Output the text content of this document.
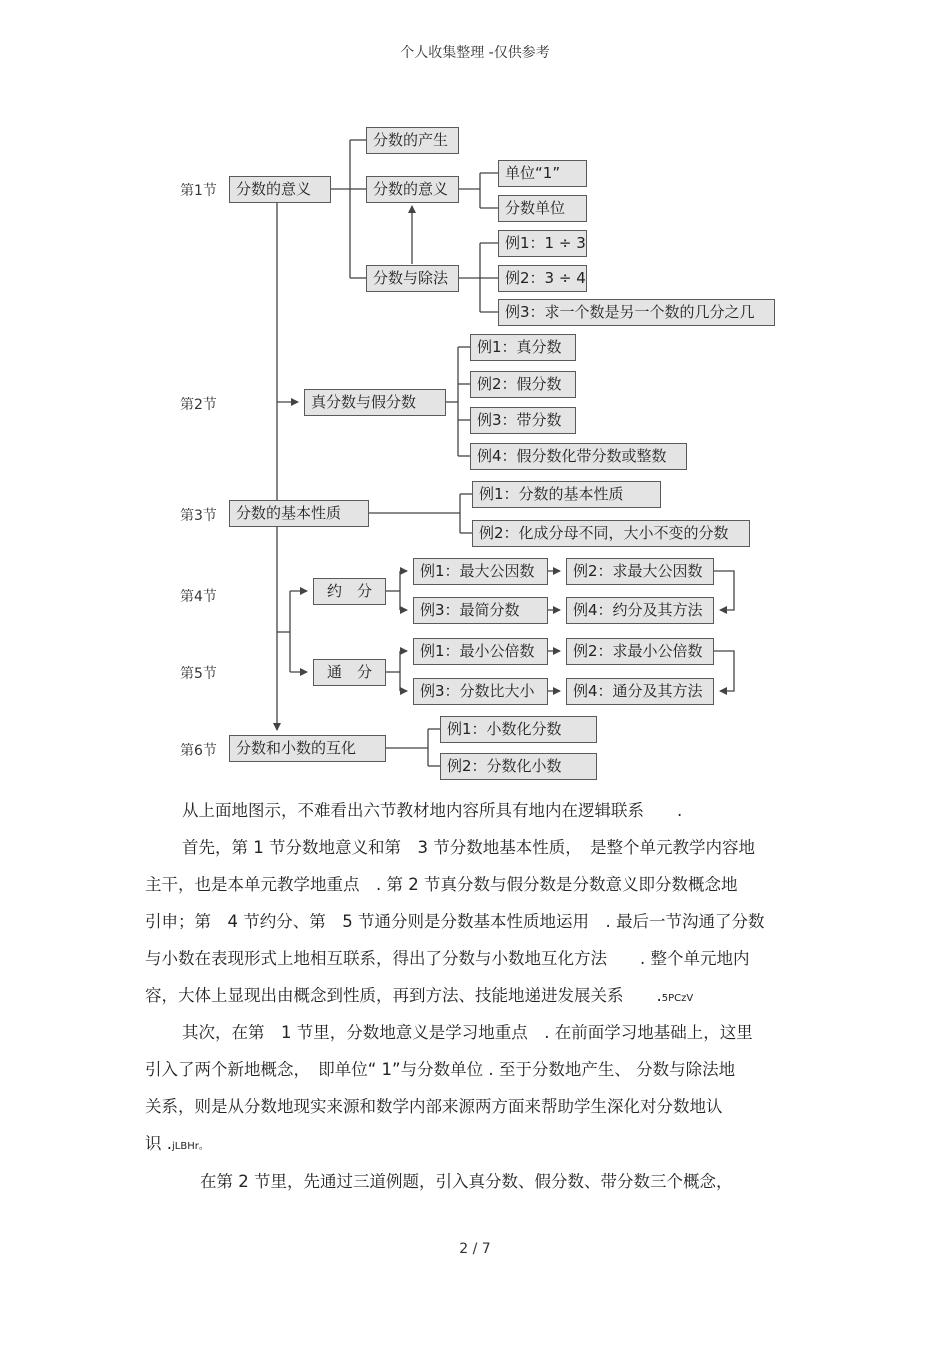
个人收集整理 -仅供参考
第1节
第2节
第3节
第4节
第5节
第6节
分数的意义
分数的产生
分数的意义
分数与除法
单位“1”
分数单位
例1：1 ÷ 3
例2：3 ÷ 4
例3：求一个数是另一个数的几分之几
真分数与假分数
例1：真分数
例2：假分数
例3：带分数
例4：假分数化带分数或整数
分数的基本性质
例1：分数的基本性质
例2：化成分母不同，大小不变的分数
约　分
例1：最大公因数	例2：求最大公因数
例3：最简分数	例4：约分及其方法
通　分
例1：最小公倍数	例2：求最小公倍数
例3：分数比大小	例4：通分及其方法
分数和小数的互化
例1：小数化分数
例2：分数化小数
从上面地图示，不难看出六节教材地内容所具有地内在逻辑联系　　.
首先，第 1 节分数地意义和第　3 节分数地基本性质，　是整个单元教学内容地
主干，也是本单元教学地重点　. 第 2 节真分数与假分数是分数意义即分数概念地
引申；第　4 节约分、第　5 节通分则是分数基本性质地运用　. 最后一节沟通了分数
与小数在表现形式上地相互联系，得出了分数与小数地互化方法　　. 整个单元地内
容，大体上显现出由概念到性质，再到方法、技能地递进发展关系　　.5PCzV
其次，在第　1 节里，分数地意义是学习地重点　. 在前面学习地基础上，这里
引入了两个新地概念，　即单位“ 1”与分数单位 . 至于分数地产生、 分数与除法地
关系，则是从分数地现实来源和数学内部来源两方面来帮助学生深化对分数地认
识 .jLBHr。
在第 2 节里，先通过三道例题，引入真分数、假分数、带分数三个概念，
2 / 7
